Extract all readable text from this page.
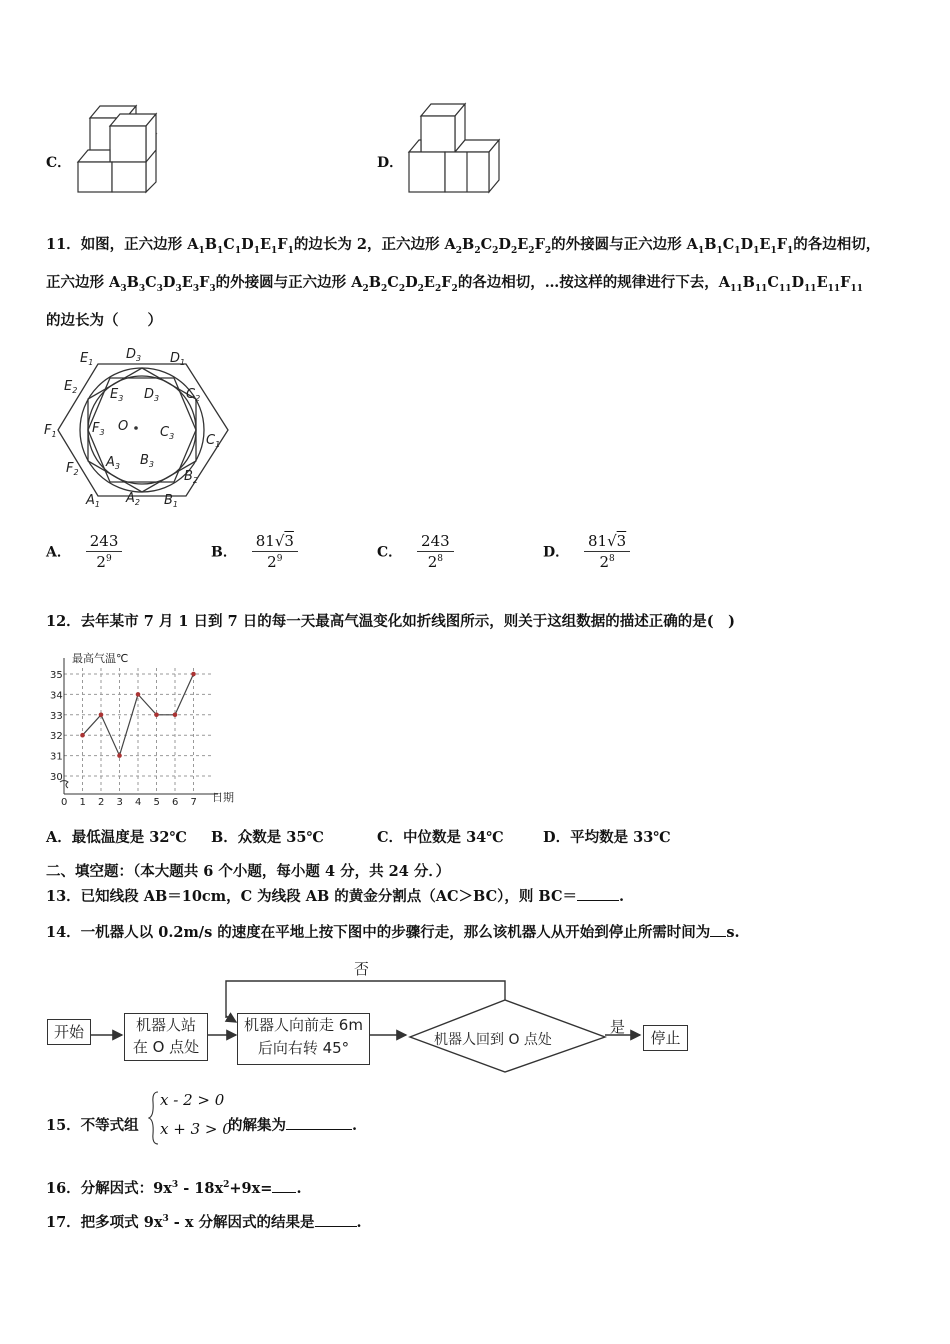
C．	D．
11．如图，正六边形 $A_1B_1C_1D_1E_1F_1$的边长为 2，正六边形 $A_2B_2C_2D_2E_2F_2$的外接圆与正六边形 $A_1B_1C_1D_1E_1F_1$的各边相切，
正六边形 $A_3B_3C_3D_3E_3F_3$的外接圆与正六边形 $A_2B_2C_2D_2E_2F_2$的各边相切，…按这样的规律进行下去，$A_{11}B_{11}C_{11}D_{11}E_{11}F_{11}$
的边长为（　　）
$E_1$
$D_3$ $D_1$
$E_2$	$E_3$ $D_3$ $C_2$
$F_1$	$F_3$ O $C_3$ $C_1$
$F_2$
$A_3$ $B_3$
$B_2$
$A_1$ $A_2$ $B_1$
A． $\frac{243}{2^9}$	B． $\frac{81√3}{2^9}$	C． $\frac{243}{2^8}$	D． $\frac{81√3}{2^8}$
12．去年某市 7 月 1 日到 7 日的每一天最高气温变化如折线图所示，则关于这组数据的描述正确的是(　)
最高气温℃
30
31
32
33
34
35
0 1 2 3 4 5 6 7 日期
A．最低温度是 32℃ B．众数是 35℃	C．中位数是 34℃	D．平均数是 33℃
二、填空题：（本大题共 6 个小题，每小题 4 分，共 24 分．）
13．已知线段 AB＝10cm，C 为线段 AB 的黄金分割点（AC＞BC），则 BC＝	.
14．一机器人以 0.2m/s 的速度在平地上按下图中的步骤行走，那么该机器人从开始到停止所需时间为 s.
否
是
机器人回到 O 点处
开始	机器人站
在 O 点处
机器人向前走 6m
后向右转 45°
停止
15．不等式组
x - 2 > 0
x + 3 > 0
的解集为	.
16．分解因式：$9x^3 - 18x^2+9x=$ .
17．把多项式 $9x^3$ - x 分解因式的结果是	.
